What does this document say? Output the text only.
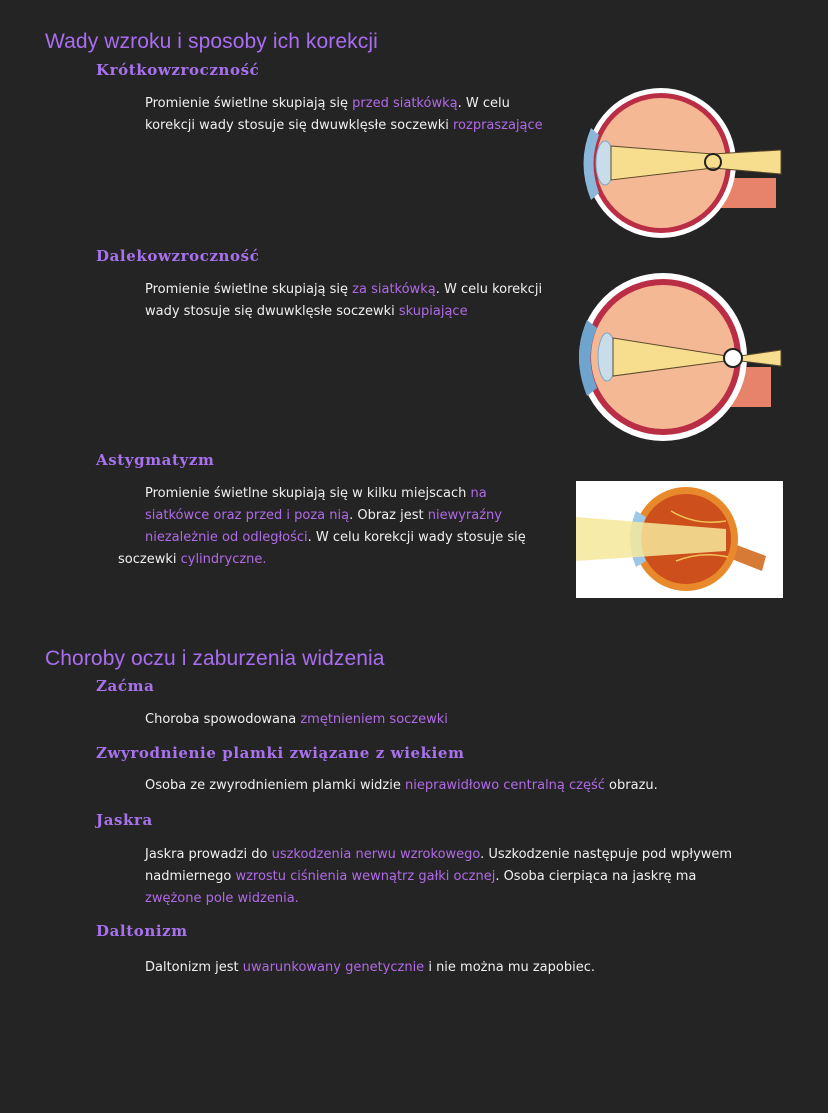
Wady wzroku i sposoby ich korekcji
Krótkowzroczność

Promienie świetlne skupiają się przed siatkówką. W celu
korekcji wady stosuje się dwuwklęsłe soczewki rozpraszające

Dalekowzroczność

Promienie świetlne skupiają się za siatkówką. W celu korekcji
wady stosuje się dwuwklęsłe soczewki skupiające

Astygmatyzm

Promienie świetlne skupiają się w kilku miejscach na
siatkówce oraz przed i poza nią. Obraz jest niewyraźny
niezależnie od odległości. W celu korekcji wady stosuje się
soczewki cylindryczne.

Choroby oczu i zaburzenia widzenia
Zaćma

Choroba spowodowana zmętnieniem soczewki

Zwyrodnienie plamki związane z wiekiem

Osoba ze zwyrodnieniem plamki widzie nieprawidłowo centralną część obrazu.

Jaskra

Jaskra prowadzi do uszkodzenia nerwu wzrokowego. Uszkodzenie następuje pod wpływem
nadmiernego wzrostu ciśnienia wewnątrz gałki ocznej. Osoba cierpiąca na jaskrę ma
zwężone pole widzenia.

Daltonizm

Daltonizm jest uwarunkowany genetycznie i nie można mu zapobiec.
